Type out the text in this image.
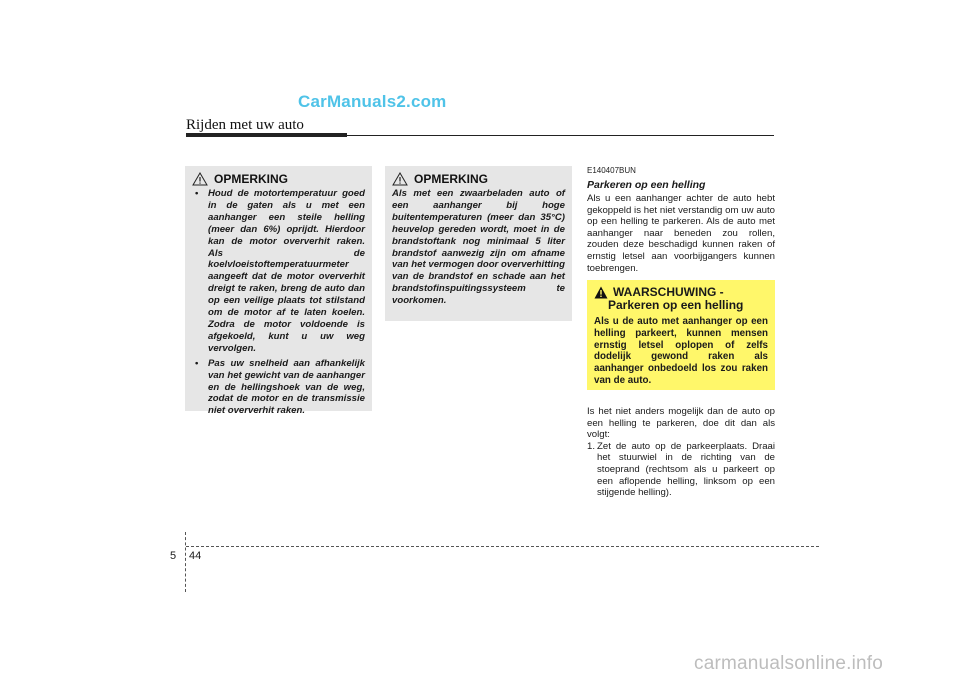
CarManuals2.com
Rijden met uw auto
OPMERKING
• Houd de motortemperatuur goed in de gaten als u met een aanhanger een steile helling (meer dan 6%) oprijdt. Hierdoor kan de motor oververhit raken. Als de koelvloeistoftemperatuurmeter aangeeft dat de motor oververhit dreigt te raken, breng de auto dan op een veilige plaats tot stilstand om de motor af te laten koelen. Zodra de motor voldoende is afgekoeld, kunt u uw weg vervolgen.
• Pas uw snelheid aan afhankelijk van het gewicht van de aanhanger en de hellingshoek van de weg, zodat de motor en de transmissie niet oververhit raken.
OPMERKING

Als met een zwaarbeladen auto of een aanhanger bij hoge buitentemperaturen (meer dan 35°C) heuvelop gereden wordt, moet in de brandstoftank nog minimaal 5 liter brandstof aanwezig zijn om afname van het vermogen door oververhitting van de brandstof en schade aan het brandstofinspuitingssysteem te voorkomen.

E140407BUN
Parkeren op een helling

Als u een aanhanger achter de auto hebt gekoppeld is het niet verstandig om uw auto op een helling te parkeren. Als de auto met aanhanger naar beneden zou rollen, zouden deze beschadigd kunnen raken of ernstig letsel aan voorbijgangers kunnen toebrengen.

WAARSCHUWING -
Parkeren op een helling

Als u de auto met aanhanger op een helling parkeert, kunnen mensen ernstig letsel oplopen of zelfs dodelijk gewond raken als aanhanger onbedoeld los zou raken van de auto.

Is het niet anders mogelijk dan de auto op een helling te parkeren, doe dit dan als volgt:

1. Zet de auto op de parkeerplaats. Draai het stuurwiel in de richting van de stoeprand (rechtsom als u parkeert op een aflopende helling, linksom op een stijgende helling).
5 44
carmanualsonline.info
